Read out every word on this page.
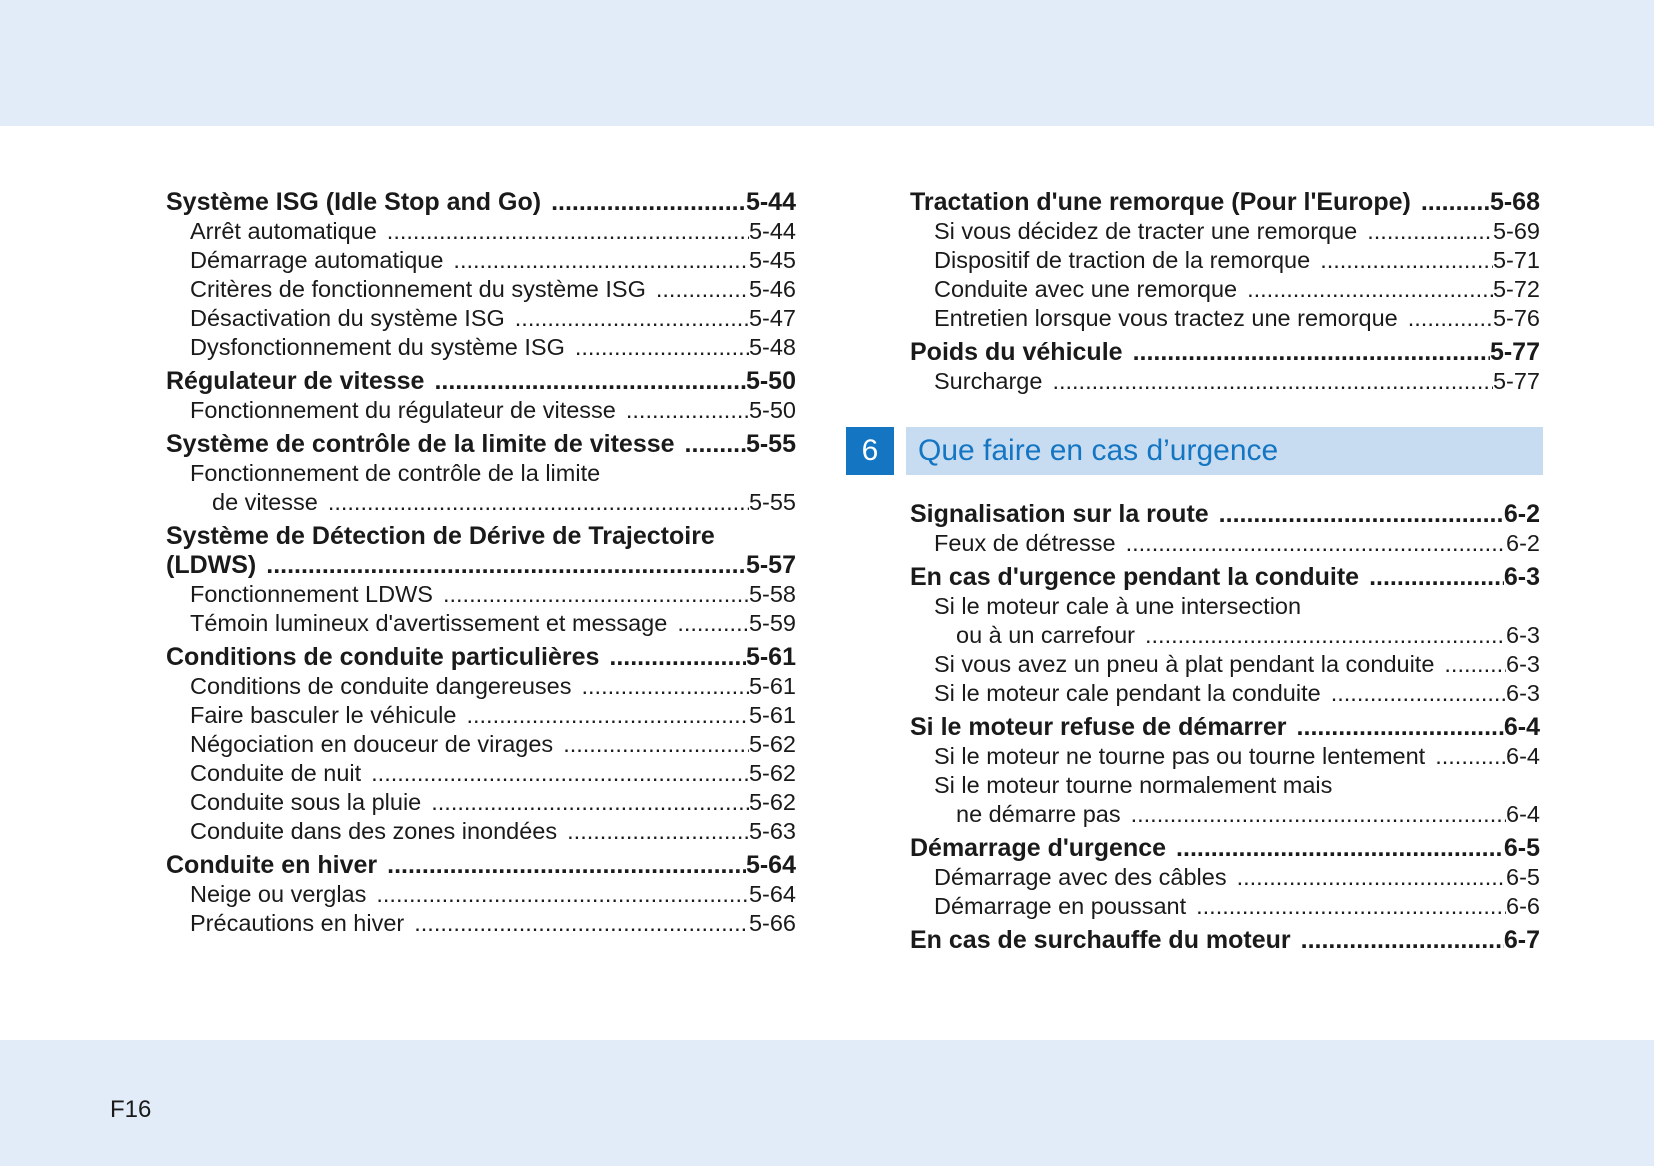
Système ISG (Idle Stop and Go) .....	5-44
Arrêt automatique .....	5-44
Démarrage automatique .....	5-45
Critères de fonctionnement du système ISG .....	5-46
Désactivation du système ISG .....	5-47
Dysfonctionnement du système ISG .....	5-48
Régulateur de vitesse .....	5-50
Fonctionnement du régulateur de vitesse .....	5-50
Système de contrôle de la limite de vitesse .....	5-55
Fonctionnement de contrôle de la limite
de vitesse .....	5-55
Système de Détection de Dérive de Trajectoire
(LDWS) .....	5-57
Fonctionnement LDWS .....	5-58
Témoin lumineux d'avertissement et message .....	5-59
Conditions de conduite particulières .....	5-61
Conditions de conduite dangereuses .....	5-61
Faire basculer le véhicule .....	5-61
Négociation en douceur de virages .....	5-62
Conduite de nuit .....	5-62
Conduite sous la pluie .....	5-62
Conduite dans des zones inondées .....	5-63
Conduite en hiver .....	5-64
Neige ou verglas .....	5-64
Précautions en hiver .....	5-66
Tractation d'une remorque (Pour l'Europe) .....	5-68
Si vous décidez de tracter une remorque .....	5-69
Dispositif de traction de la remorque .....	5-71
Conduite avec une remorque .....	5-72
Entretien lorsque vous tractez une remorque .....	5-76
Poids du véhicule .....	5-77
Surcharge .....	5-77
6	Que faire en cas d’urgence
Signalisation sur la route .....	6-2
Feux de détresse .....	6-2
En cas d'urgence pendant la conduite .....	6-3
Si le moteur cale à une intersection
ou à un carrefour .....	6-3
Si vous avez un pneu à plat pendant la conduite .....	6-3
Si le moteur cale pendant la conduite .....	6-3
Si le moteur refuse de démarrer .....	6-4
Si le moteur ne tourne pas ou tourne lentement .....	6-4
Si le moteur tourne normalement mais
ne démarre pas .....	6-4
Démarrage d'urgence .....	6-5
Démarrage avec des câbles .....	6-5
Démarrage en poussant .....	6-6
En cas de surchauffe du moteur .....	6-7
F16
